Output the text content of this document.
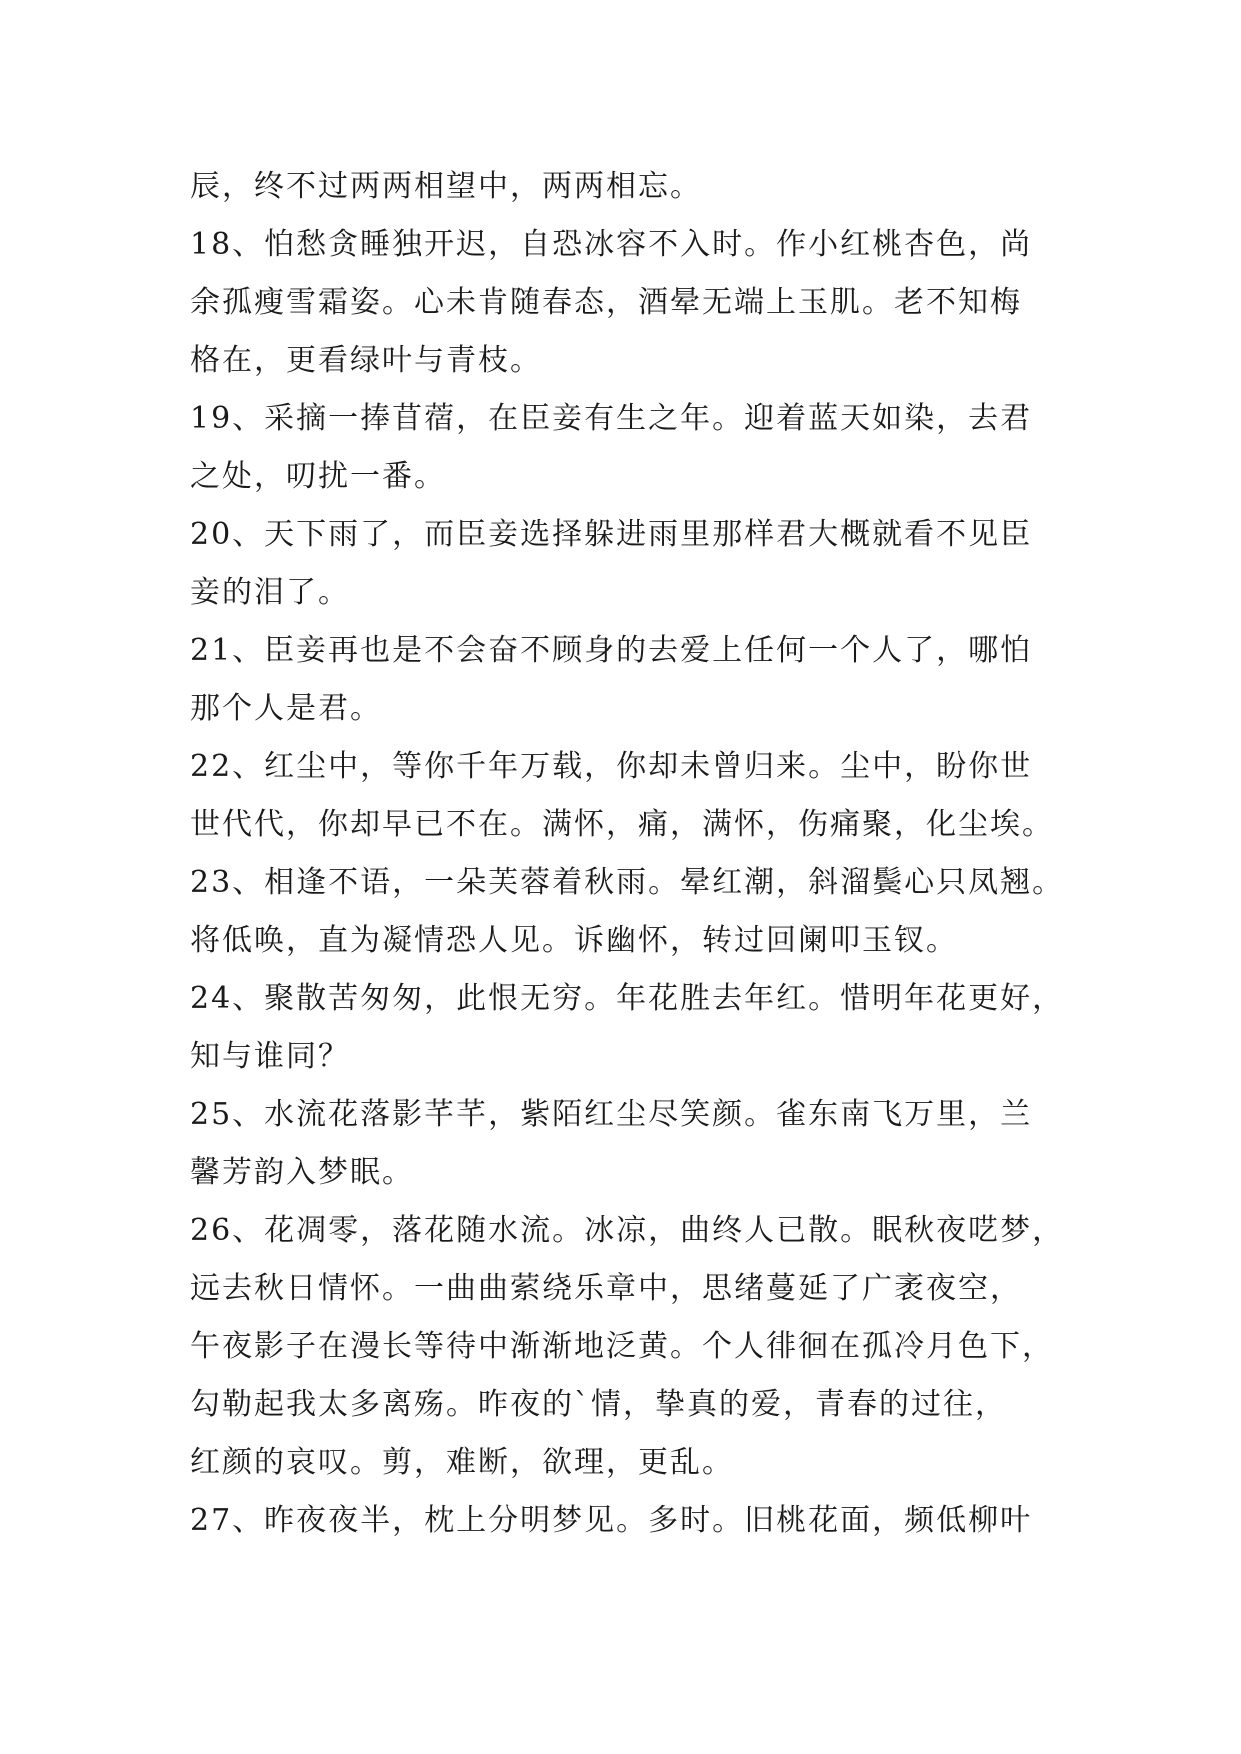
辰，终不过两两相望中，两两相忘。
18、怕愁贪睡独开迟，自恐冰容不入时。作小红桃杏色，尚
余孤瘦雪霜姿。心未肯随春态，酒晕无端上玉肌。老不知梅
格在，更看绿叶与青枝。
19、采摘一捧苜蓿，在臣妾有生之年。迎着蓝天如染，去君
之处，叨扰一番。
20、天下雨了，而臣妾选择躲进雨里那样君大概就看不见臣
妾的泪了。
21、臣妾再也是不会奋不顾身的去爱上任何一个人了，哪怕
那个人是君。
22、红尘中，等你千年万载，你却未曾归来。尘中，盼你世
世代代，你却早已不在。满怀，痛，满怀，伤痛聚，化尘埃。
23、相逢不语，一朵芙蓉着秋雨。晕红潮，斜溜鬓心只凤翘。
将低唤，直为凝情恐人见。诉幽怀，转过回阑叩玉钗。
24、聚散苦匆匆，此恨无穷。年花胜去年红。惜明年花更好，
知与谁同？
25、水流花落影芊芊，紫陌红尘尽笑颜。雀东南飞万里，兰
馨芳韵入梦眠。
26、花凋零，落花随水流。冰凉，曲终人已散。眠秋夜呓梦，
远去秋日情怀。一曲曲萦绕乐章中，思绪蔓延了广袤夜空，
午夜影子在漫长等待中渐渐地泛黄。个人徘徊在孤冷月色下，
勾勒起我太多离殇。昨夜的`情，挚真的爱，青春的过往，
红颜的哀叹。剪，难断，欲理，更乱。
27、昨夜夜半，枕上分明梦见。多时。旧桃花面，频低柳叶
